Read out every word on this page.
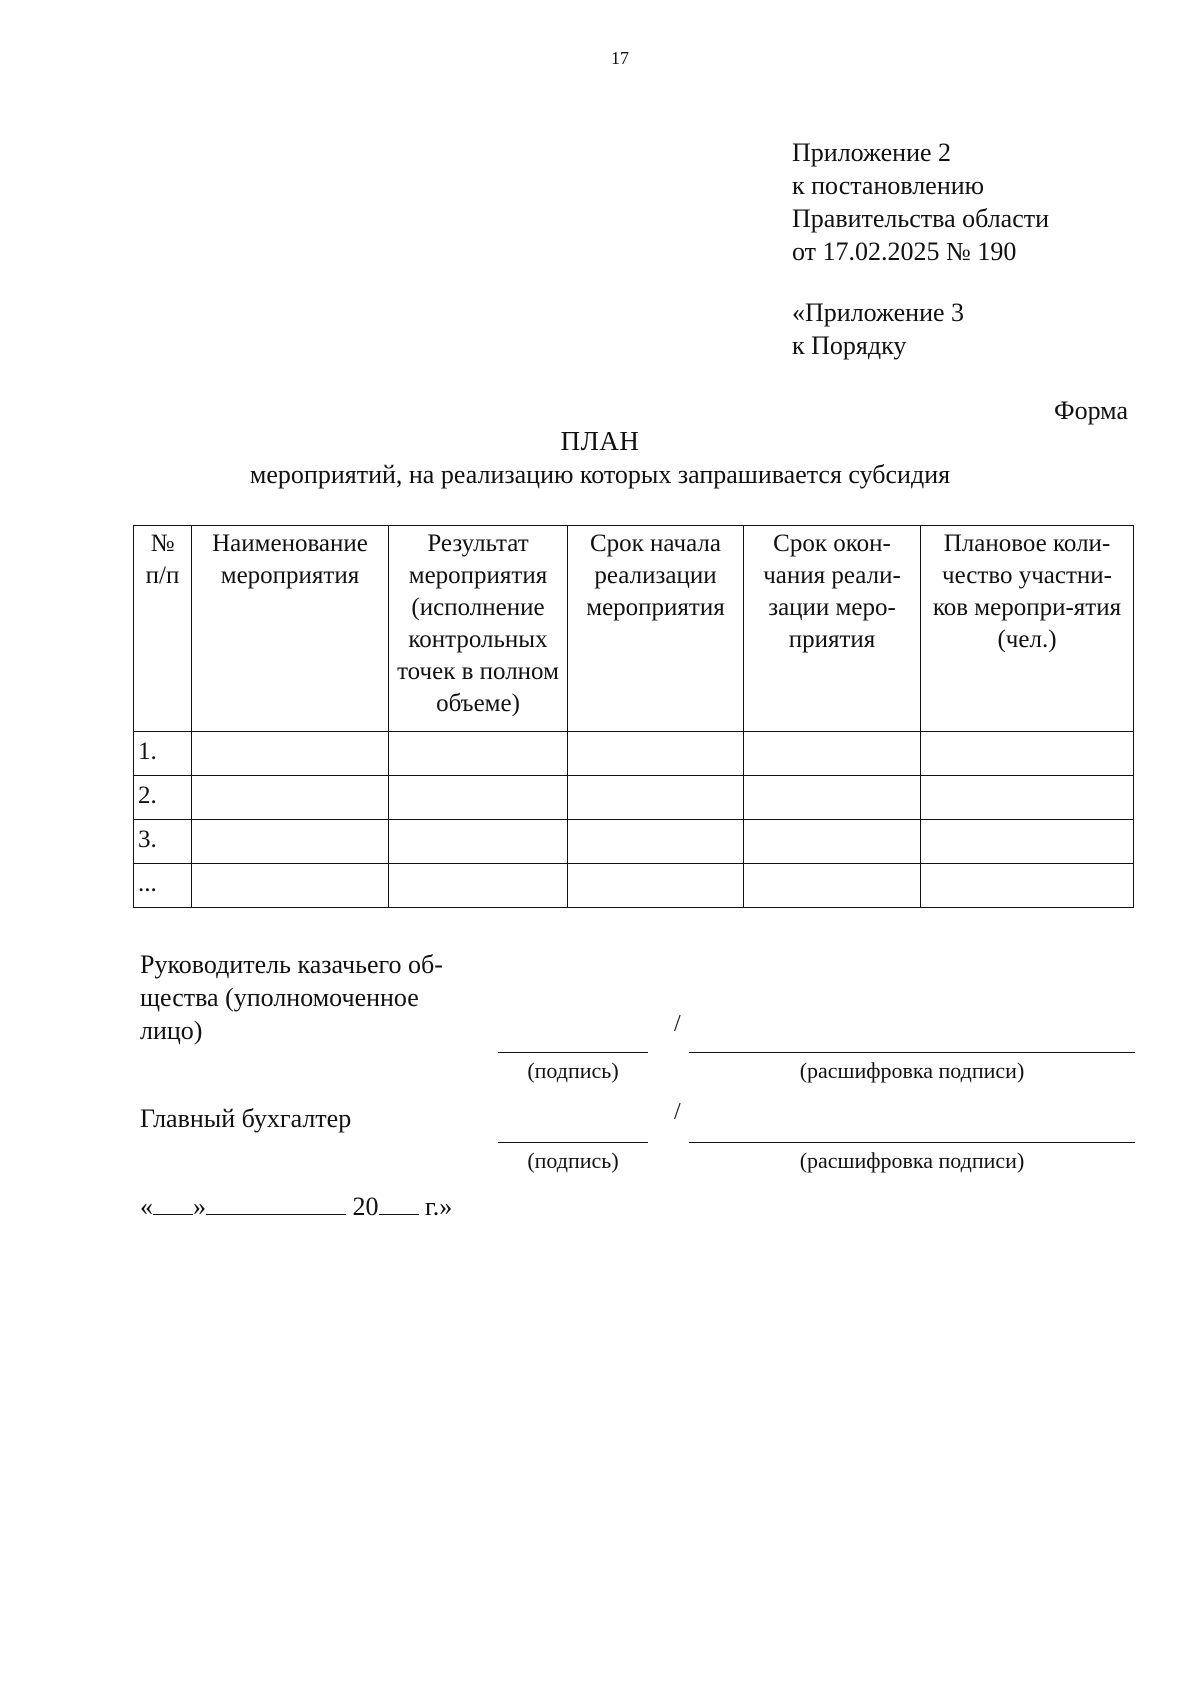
17
Приложение 2
к постановлению
Правительства области
от 17.02.2025 № 190
«Приложение 3
к Порядку
Форма
ПЛАН
мероприятий, на реализацию которых запрашивается субсидия
№ п/п	Наименование мероприятия	Результат мероприятия (исполнение контрольных точек в полном объеме)	Срок начала реализации мероприятия	Срок окон-чания реали-зации меро-приятия	Плановое коли-чество участни-ков меропри-ятия (чел.)
1.					
2.					
3.					
...					
Руководитель казачьего об-щества (уполномоченное лицо)	/
(подпись)	(расшифровка подписи)
Главный бухгалтер	/
(подпись)	(расшифровка подписи)
« »	20 г.»
